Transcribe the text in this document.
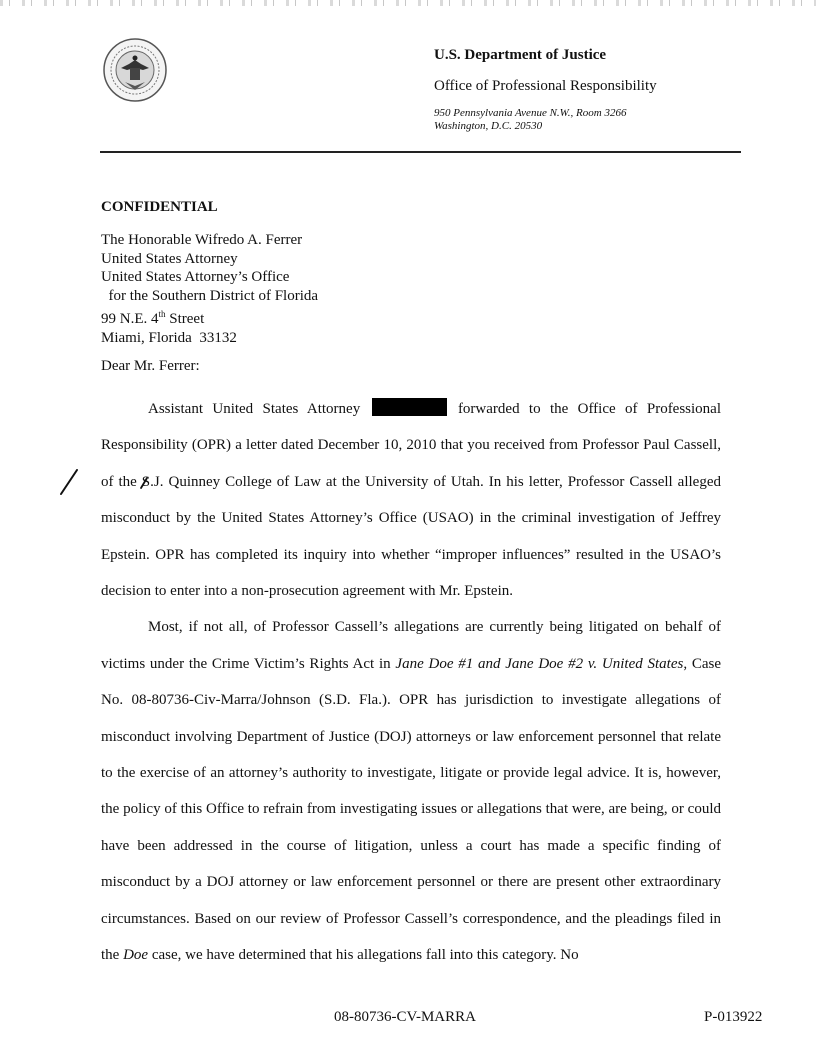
U.S. Department of Justice
Office of Professional Responsibility
950 Pennsylvania Avenue N.W., Room 3266
Washington, D.C. 20530
CONFIDENTIAL
The Honorable Wifredo A. Ferrer
United States Attorney
United States Attorney’s Office
for the Southern District of Florida
99 N.E. 4th Street
Miami, Florida  33132
Dear Mr. Ferrer:

Assistant United States Attorney	forwarded to the Office of Professional Responsibility (OPR) a letter dated December 10, 2010 that you received from Professor Paul Cassell, of the S.J. Quinney College of Law at the University of Utah. In his letter, Professor Cassell alleged misconduct by the United States Attorney’s Office (USAO) in the criminal investigation of Jeffrey Epstein. OPR has completed its inquiry into whether “improper influences” resulted in the USAO’s decision to enter into a non-prosecution agreement with Mr. Epstein.

Most, if not all, of Professor Cassell’s allegations are currently being litigated on behalf of victims under the Crime Victim’s Rights Act in Jane Doe #1 and Jane Doe #2 v. United States, Case No. 08-80736-Civ-Marra/Johnson (S.D. Fla.). OPR has jurisdiction to investigate allegations of misconduct involving Department of Justice (DOJ) attorneys or law enforcement personnel that relate to the exercise of an attorney’s authority to investigate, litigate or provide legal advice. It is, however, the policy of this Office to refrain from investigating issues or allegations that were, are being, or could have been addressed in the course of litigation, unless a court has made a specific finding of misconduct by a DOJ attorney or law enforcement personnel or there are present other extraordinary circumstances. Based on our review of Professor Cassell’s correspondence, and the pleadings filed in the Doe case, we have determined that his allegations fall into this category. No

08-80736-CV-MARRA	P-013922
